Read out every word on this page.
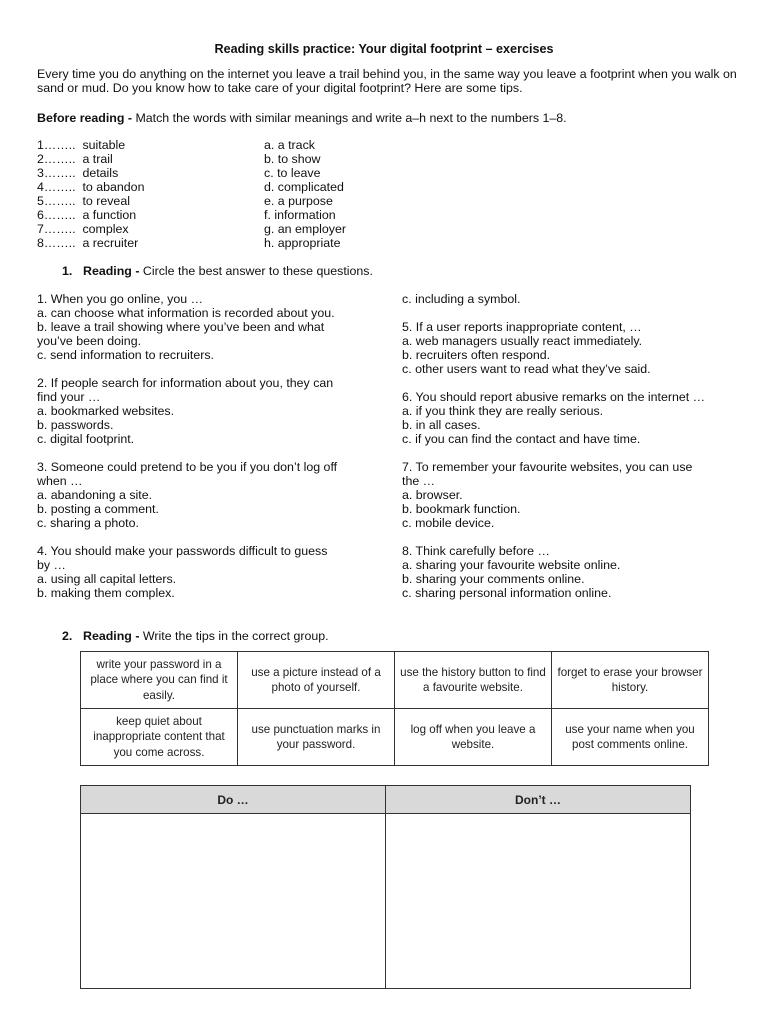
Reading skills practice: Your digital footprint – exercises
Every time you do anything on the internet you leave a trail behind you, in the same way you leave a footprint when you walk on sand or mud. Do you know how to take care of your digital footprint? Here are some tips.
Before reading - Match the words with similar meanings and write a–h next to the numbers 1–8.
1……..  suitable
2……..  a trail
3……..  details
4……..  to abandon
5……..  to reveal
6……..  a function
7……..  complex
8……..  a recruiter
a. a track
b. to show
c. to leave
d. complicated
e. a purpose
f. information
g. an employer
h. appropriate
1. Reading - Circle the best answer to these questions.
1. When you go online, you …
a. can choose what information is recorded about you.
b. leave a trail showing where you’ve been and what
you’ve been doing.
c. send information to recruiters.
2. If people search for information about you, they can
find your …
a. bookmarked websites.
b. passwords.
c. digital footprint.
3. Someone could pretend to be you if you don’t log off
when …
a. abandoning a site.
b. posting a comment.
c. sharing a photo.
4. You should make your passwords difficult to guess
by …
a. using all capital letters.
b. making them complex.
c. including a symbol.
5. If a user reports inappropriate content, …
a. web managers usually react immediately.
b. recruiters often respond.
c. other users want to read what they’ve said.
6. You should report abusive remarks on the internet …
a. if you think they are really serious.
b. in all cases.
c. if you can find the contact and have time.
7. To remember your favourite websites, you can use
the …
a. browser.
b. bookmark function.
c. mobile device.
8. Think carefully before …
a. sharing your favourite website online.
b. sharing your comments online.
c. sharing personal information online.
2. Reading - Write the tips in the correct group.
write your password in a place where you can find it easily.	use a picture instead of a photo of yourself.	use the history button to find a favourite website.	forget to erase your browser history.
keep quiet about inappropriate content that you come across.	use punctuation marks in your password.	log off when you leave a website.	use your name when you post comments online.
Do …	Don’t …
